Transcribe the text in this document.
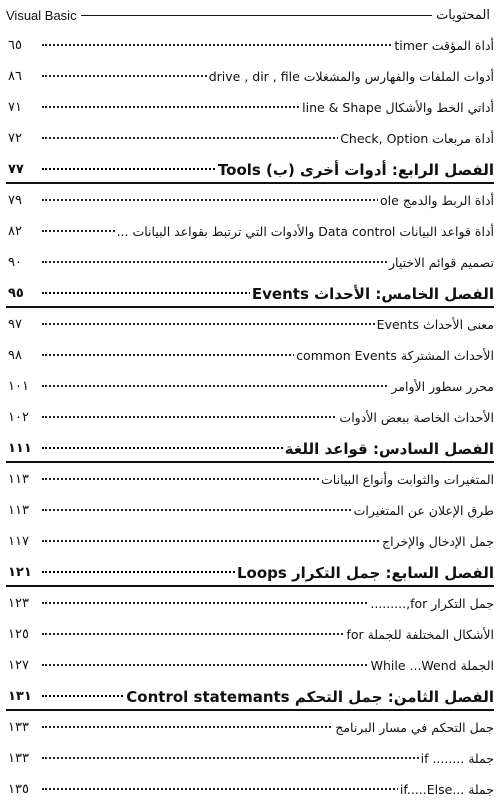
Visual Basic	المحتويات
أداة المؤقت timer
٦٥
أدوات الملفات والفهارس والمشغلات drive , dir , file
٨٦
أداتي الخط والأشكال line & Shape
٧١
أداة مربعات Check, Option
٧٢
الفصل الرابع: أدوات أخرى (ب) Tools
٧٧
أداة الربط والدمج ole
٧٩
أداة قواعد البيانات Data control والأدوات التي ترتبط بقواعد البيانات ...
٨٢
تصميم قوائم الاختيار
٩٠
الفصل الخامس: الأحداث Events
٩٥
معنى الأحداث Events
٩٧
الأحداث المشتركة common Events
٩٨
محرر سطور الأوامر
١٠١
الأحداث الخاصة ببعض الأدوات
١٠٢
الفصل السادس: قواعد اللغة
١١١
المتغيرات والثوابت وأنواع البيانات
١١٣
طرق الإعلان عن المتغيرات
١١٣
جمل الإدخال والإخراج
١١٧
الفصل السابع: جمل التكرار Loops
١٢١
جمل التكرار for,.........
١٢٣
الأشكال المختلفة للجملة for
١٢٥
الجملة While ...Wend
١٢٧
الفصل الثامن: جمل التحكم Control statemants
١٣١
جمل التحكم في مسار البرنامج
١٣٣
جملة ........ if
١٣٣
جملة ...if.....Else
١٣٥
